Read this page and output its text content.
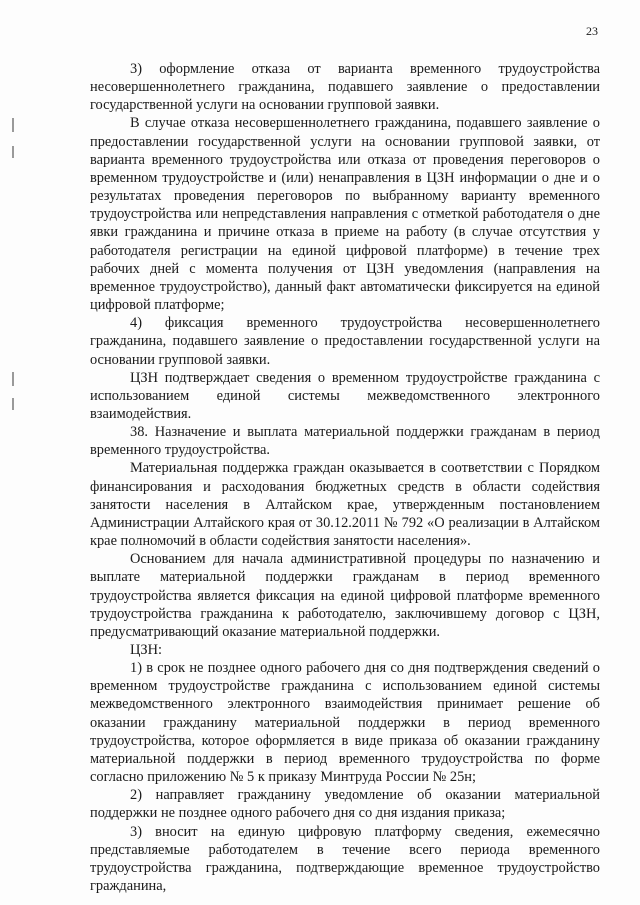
23

3) оформление отказа от варианта временного трудоустройства несовершеннолетнего гражданина, подавшего заявление о предоставлении государственной услуги на основании групповой заявки.

В случае отказа несовершеннолетнего гражданина, подавшего заявление о предоставлении государственной услуги на основании групповой заявки, от варианта временного трудоустройства или отказа от проведения переговоров о временном трудоустройстве и (или) ненаправления в ЦЗН информации о дне и о результатах проведения переговоров по выбранному варианту временного трудоустройства или непредставления направления с отметкой работодателя о дне явки гражданина и причине отказа в приеме на работу (в случае отсутствия у работодателя регистрации на единой цифровой платформе) в течение трех рабочих дней с момента получения от ЦЗН уведомления (направления на временное трудоустройство), данный факт автоматически фиксируется на единой цифровой платформе;

4) фиксация временного трудоустройства несовершеннолетнего гражданина, подавшего заявление о предоставлении государственной услуги на основании групповой заявки.

ЦЗН подтверждает сведения о временном трудоустройстве гражданина с использованием единой системы межведомственного электронного взаимодействия.

38. Назначение и выплата материальной поддержки гражданам в период временного трудоустройства.

Материальная поддержка граждан оказывается в соответствии с Порядком финансирования и расходования бюджетных средств в области содействия занятости населения в Алтайском крае, утвержденным постановлением Администрации Алтайского края от 30.12.2011 № 792 «О реализации в Алтайском крае полномочий в области содействия занятости населения».

Основанием для начала административной процедуры по назначению и выплате материальной поддержки гражданам в период временного трудоустройства является фиксация на единой цифровой платформе временного трудоустройства гражданина к работодателю, заключившему договор с ЦЗН, предусматривающий оказание материальной поддержки.

ЦЗН:

1) в срок не позднее одного рабочего дня со дня подтверждения сведений о временном трудоустройстве гражданина с использованием единой системы межведомственного электронного взаимодействия принимает решение об оказании гражданину материальной поддержки в период временного трудоустройства, которое оформляется в виде приказа об оказании гражданину материальной поддержки в период временного трудоустройства по форме согласно приложению № 5 к приказу Минтруда России № 25н;

2) направляет гражданину уведомление об оказании материальной поддержки не позднее одного рабочего дня со дня издания приказа;

3) вносит на единую цифровую платформу сведения, ежемесячно представляемые работодателем в течение всего периода временного трудоустройства гражданина, подтверждающие временное трудоустройство гражданина,
